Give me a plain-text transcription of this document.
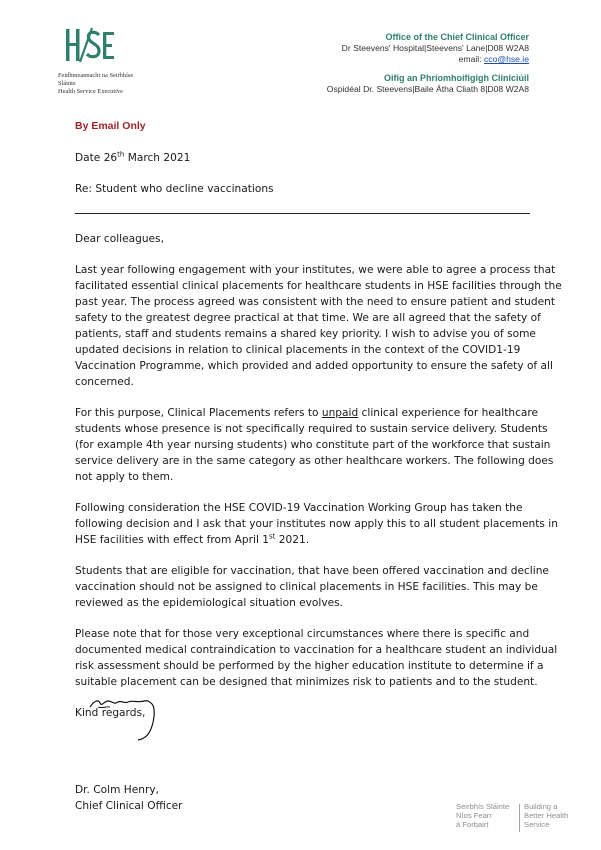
Feidhmeannacht na Seirbhíse Sláinte
Health Service Executive
Office of the Chief Clinical Officer
Dr Steevens' Hospital|Steevens' Lane|D08 W2A8
email: cco@hse.ie
Oifig an Phríomhoifigigh Cliniciúil
Ospidéal Dr. Steevens|Baile Átha Cliath 8|D08 W2A8
By Email Only
Date 26th March 2021
Re: Student who decline vaccinations
Dear colleagues,
Last year following engagement with your institutes, we were able to agree a process that
facilitated essential clinical placements for healthcare students in HSE facilities through the
past year. The process agreed was consistent with the need to ensure patient and student
safety to the greatest degree practical at that time. We are all agreed that the safety of
patients, staff and students remains a shared key priority. I wish to advise you of some
updated decisions in relation to clinical placements in the context of the COVID1-19
Vaccination Programme, which provided and added opportunity to ensure the safety of all
concerned.
For this purpose, Clinical Placements refers to unpaid clinical experience for healthcare
students whose presence is not specifically required to sustain service delivery. Students
(for example 4th year nursing students) who constitute part of the workforce that sustain
service delivery are in the same category as other healthcare workers. The following does
not apply to them.
Following consideration the HSE COVID-19 Vaccination Working Group has taken the
following decision and I ask that your institutes now apply this to all student placements in
HSE facilities with effect from April 1st 2021.
Students that are eligible for vaccination, that have been offered vaccination and decline
vaccination should not be assigned to clinical placements in HSE facilities. This may be
reviewed as the epidemiological situation evolves.
Please note that for those very exceptional circumstances where there is specific and
documented medical contraindication to vaccination for a healthcare student an individual
risk assessment should be performed by the higher education institute to determine if a
suitable placement can be designed that minimizes risk to patients and to the student.
Kind regards,
Dr. Colm Henry,
Chief Clinical Officer	Seirbhís Sláinte
Níos Fearr
á Forbairt
Building a
Better Health
Service
